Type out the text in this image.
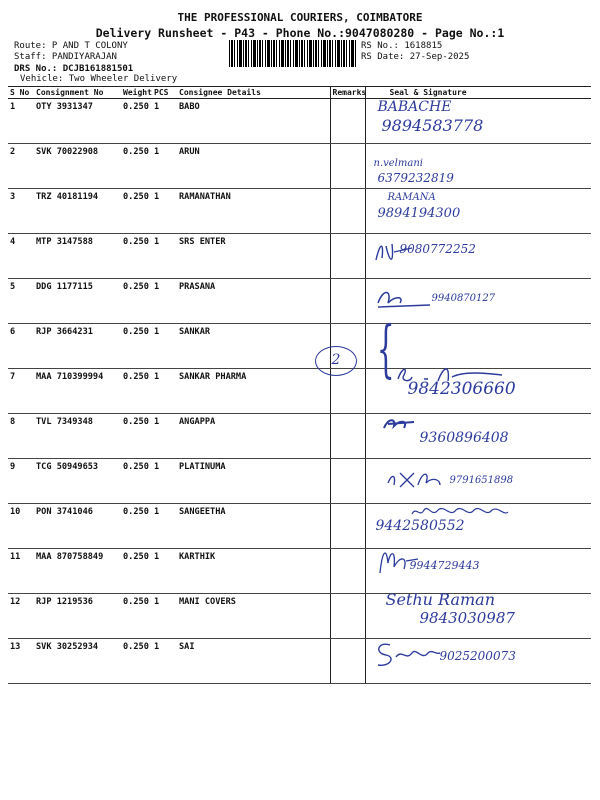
THE PROFESSIONAL COURIERS, COIMBATORE
Delivery Runsheet - P43 - Phone No.:9047080280 - Page No.:1
Route: P AND T COLONY
Staff: PANDIYARAJAN
DRS No.: DCJB161881501
Vehicle: Two Wheeler Delivery
RS No.: 1618815
RS Date: 27-Sep-2025
S No	Consignment No	Weight	PCS	Consignee Details	Remarks	Seal & Signature
1	OTY 3931347	0.250	1	BABO		BABACHE
9894583778

2	SVK 70022908	0.250	1	ARUN		n.velmani
6379232819

3	TRZ 40181194	0.250	1	RAMANATHAN		RAMANA
9894194300

4	MTP 3147588	0.250	1	SRS ENTER		9080772252

5	DDG 1177115	0.250	1	PRASANA		9940870127

6	RJP 3664231	0.250	1	SANKAR		
7	MAA 710399994	0.250	1	SANKAR PHARMA		9842306660

8	TVL 7349348	0.250	1	ANGAPPA		9360896408

9	TCG 50949653	0.250	1	PLATINUMA		9791651898

10	PON 3741046	0.250	1	SANGEETHA		9442580552

11	MAA 870758849	0.250	1	KARTHIK		9944729443

12	RJP 1219536	0.250	1	MANI COVERS		Sethu Raman
9843030987

13	SVK 30252934	0.250	1	SAI		9025200073
2 {
